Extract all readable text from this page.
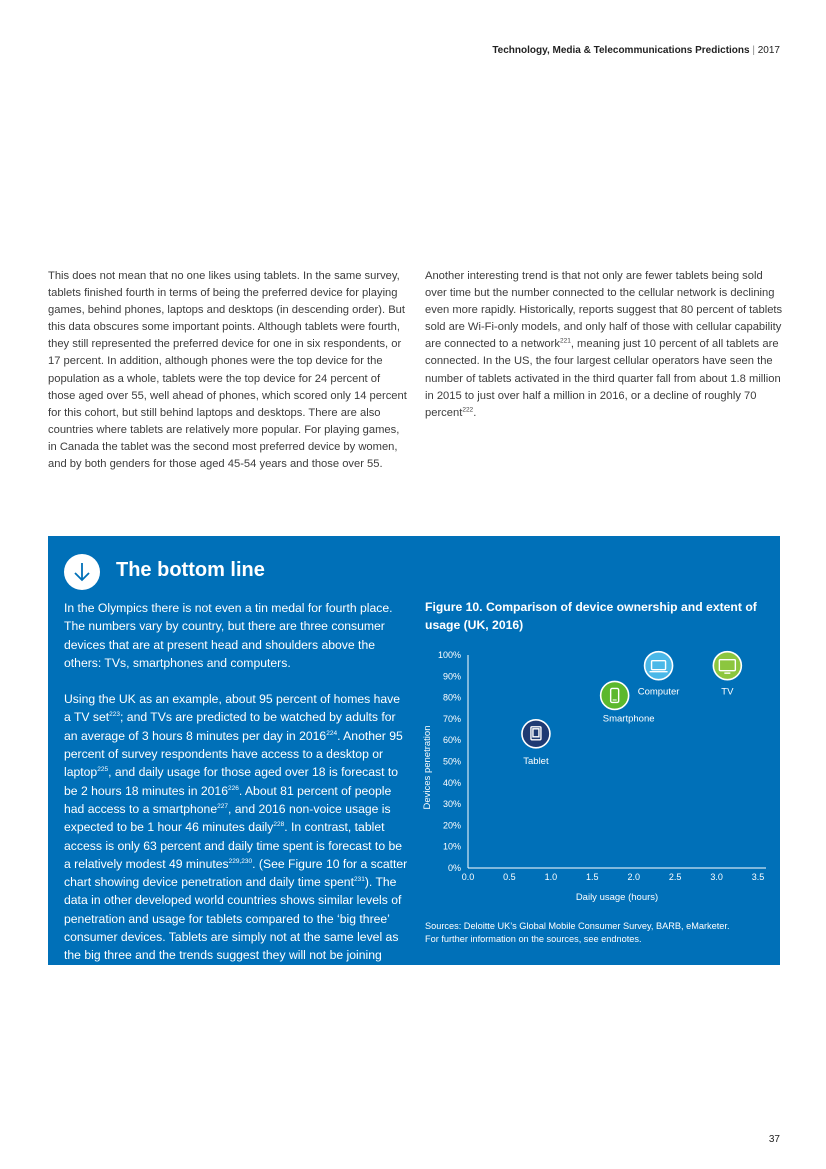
Technology, Media & Telecommunications Predictions | 2017
This does not mean that no one likes using tablets. In the same survey, tablets finished fourth in terms of being the preferred device for playing games, behind phones, laptops and desktops (in descending order). But this data obscures some important points. Although tablets were fourth, they still represented the preferred device for one in six respondents, or 17 percent. In addition, although phones were the top device for the population as a whole, tablets were the top device for 24 percent of those aged over 55, well ahead of phones, which scored only 14 percent for this cohort, but still behind laptops and desktops. There are also countries where tablets are relatively more popular. For playing games, in Canada the tablet was the second most preferred device by women, and by both genders for those aged 45-54 years and those over 55.
Another interesting trend is that not only are fewer tablets being sold over time but the number connected to the cellular network is declining even more rapidly. Historically, reports suggest that 80 percent of tablets sold are Wi-Fi-only models, and only half of those with cellular capability are connected to a network$^{221}$, meaning just 10 percent of all tablets are connected. In the US, the four largest cellular operators have seen the number of tablets activated in the third quarter fall from about 1.8 million in 2015 to just over half a million in 2016, or a decline of roughly 70 percent$^{222}$.
The bottom line

In the Olympics there is not even a tin medal for fourth place. The numbers vary by country, but there are three consumer devices that are at present head and shoulders above the others: TVs, smartphones and computers.

Using the UK as an example, about 95 percent of homes have a TV set$^{223}$; and TVs are predicted to be watched by adults for an average of 3 hours 8 minutes per day in 2016$^{224}$. Another 95 percent of survey respondents have access to a desktop or laptop$^{225}$, and daily usage for those aged over 18 is forecast to be 2 hours 18 minutes in 2016$^{226}$. About 81 percent of people had access to a smartphone$^{227}$, and 2016 non-voice usage is expected to be 1 hour 46 minutes daily$^{228}$. In contrast, tablet access is only 63 percent and daily time spent is forecast to be a relatively modest 49 minutes$^{229,230}$. (See Figure 10 for a scatter chart showing device penetration and daily time spent$^{231}$). The data in other developed world countries shows similar levels of penetration and usage for tablets compared to the ‘big three’ consumer devices. Tablets are simply not at the same level as the big three and the trends suggest they will not be joining them.

Figure 10. Comparison of device ownership and extent of usage (UK, 2016)
0%
10%
20%
30%
40%
50%
60%
70%
80%
90%
100%
0.0	0.5	1.0	1.5	2.0	2.5	3.0	3.5
Daily usage (hours)
Devices penetration	Tablet
Smartphone
Computer	TV
Sources: Deloitte UK’s Global Mobile Consumer Survey, BARB, eMarketer.
For further information on the sources, see endnotes.
37
